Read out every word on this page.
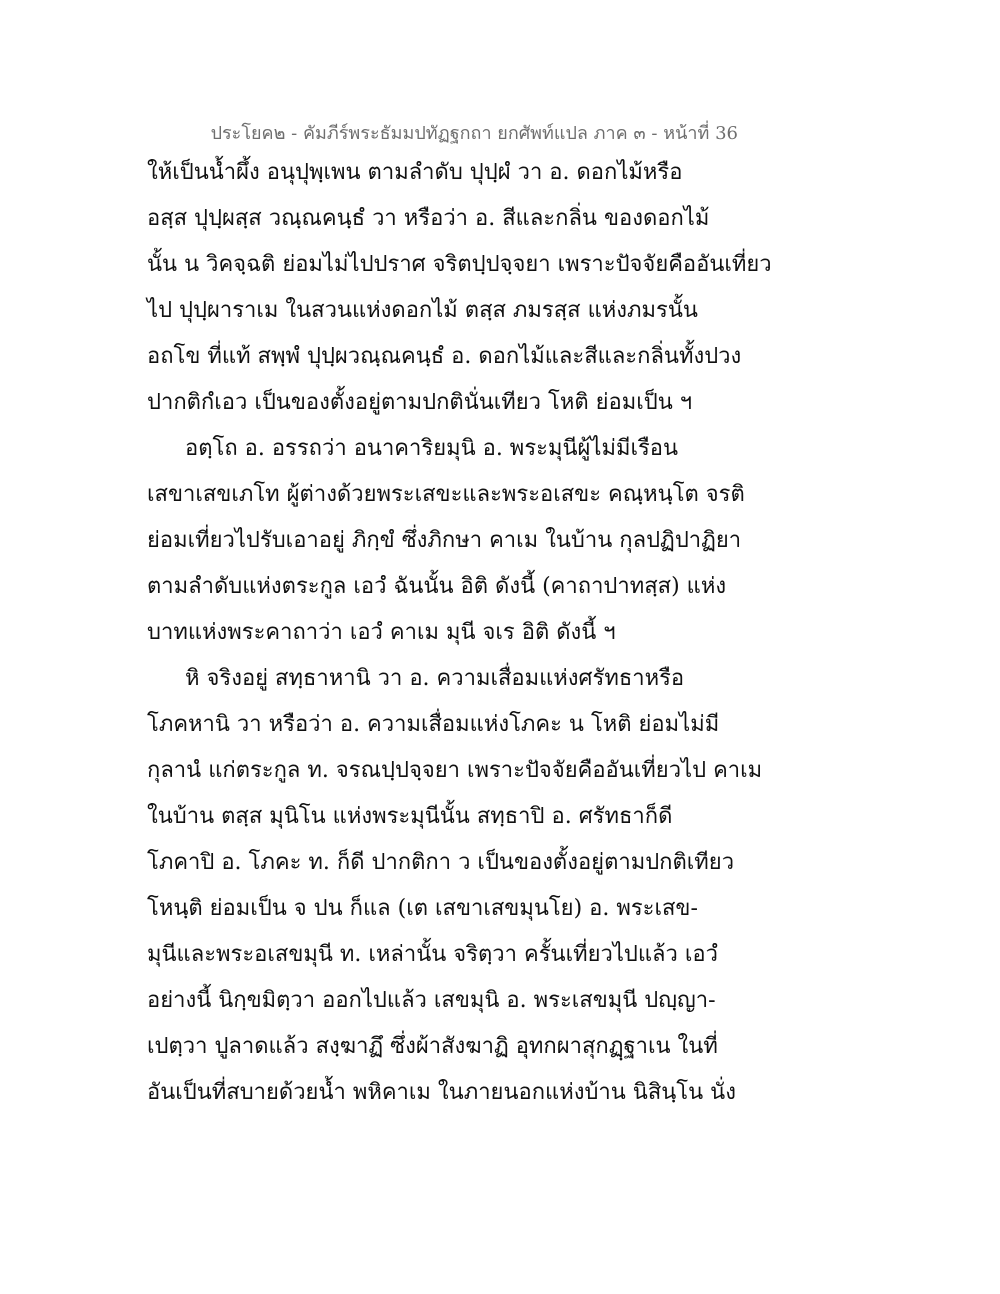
ประโยค๒ - คัมภีร์พระธัมมปทัฏฐกถา ยกศัพท์แปล ภาค ๓ - หน้าที่ 36
ให้เป็นน้ำผึ้ง อนุปุพฺเพน ตามลำดับ ปุปฺผํ วา อ. ดอกไม้หรือ
อสฺส ปุปฺผสฺส วณฺณคนฺธํ วา หรือว่า อ. สีและกลิ่น ของดอกไม้
นั้น น วิคจฺฉติ ย่อมไม่ไปปราศ จริตปฺปจฺจยา เพราะปัจจัยคืออันเที่ยว
ไป ปุปฺผาราเม ในสวนแห่งดอกไม้ ตสฺส ภมรสฺส แห่งภมรนั้น
อถโข ที่แท้ สพฺพํ ปุปฺผวณฺณคนฺธํ อ. ดอกไม้และสีและกลิ่นทั้งปวง
ปากติกํเอว เป็นของตั้งอยู่ตามปกตินั่นเทียว โหติ ย่อมเป็น ฯ
อตฺโถ อ. อรรถว่า อนาคาริยมุนิ อ. พระมุนีผู้ไม่มีเรือน
เสขาเสขเภโท ผู้ต่างด้วยพระเสขะและพระอเสขะ คณฺหนฺโต จรติ
ย่อมเที่ยวไปรับเอาอยู่ ภิกฺขํ ซึ่งภิกษา คาเม ในบ้าน กุลปฏิปาฏิยา
ตามลำดับแห่งตระกูล เอวํ ฉันนั้น อิติ ดังนี้ (คาถาปาทสฺส) แห่ง
บาทแห่งพระคาถาว่า เอวํ คาเม มุนี จเร อิติ ดังนี้ ฯ
หิ จริงอยู่ สทฺธาหานิ วา อ. ความเสื่อมแห่งศรัทธาหรือ
โภคหานิ วา หรือว่า อ. ความเสื่อมแห่งโภคะ น โหติ ย่อมไม่มี
กุลานํ แก่ตระกูล ท. จรณปฺปจฺจยา เพราะปัจจัยคืออันเที่ยวไป คาเม
ในบ้าน ตสฺส มุนิโน แห่งพระมุนีนั้น สทฺธาปิ อ. ศรัทธาก็ดี
โภคาปิ อ. โภคะ ท. ก็ดี ปากติกา ว เป็นของตั้งอยู่ตามปกติเทียว
โหนฺติ ย่อมเป็น จ ปน ก็แล (เต เสขาเสขมุนโย) อ. พระเสข-
มุนีและพระอเสขมุนี ท. เหล่านั้น จริตฺวา ครั้นเที่ยวไปแล้ว เอวํ
อย่างนี้ นิกฺขมิตฺวา ออกไปแล้ว เสขมุนิ อ. พระเสขมุนี ปญฺญา-
เปตฺวา ปูลาดแล้ว สงฺฆาฏึ ซึ่งผ้าสังฆาฏิ อุทกผาสุกฏฺฐาเน ในที่
อันเป็นที่สบายด้วยน้ำ พหิคาเม ในภายนอกแห่งบ้าน นิสินฺโน นั่ง
